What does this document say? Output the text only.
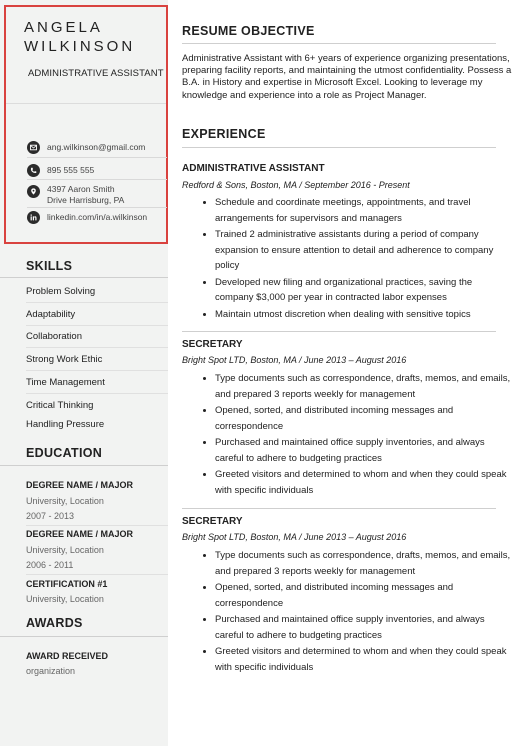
ANGELA
WILKINSON
ADMINISTRATIVE ASSISTANT
ang.wilkinson@gmail.com
895 555 555
4397 Aaron Smith
Drive Harrisburg, PA
linkedin.com/in/a.wilkinson
SKILLS
Problem Solving
Adaptability
Collaboration
Strong Work Ethic
Time Management
Critical Thinking
Handling Pressure
EDUCATION
DEGREE NAME / MAJOR
University, Location
2007 - 2013
DEGREE NAME / MAJOR
University, Location
2006 - 2011
CERTIFICATION #1
University, Location
AWARDS
AWARD RECEIVED
organization
RESUME OBJECTIVE

Administrative Assistant with 6+ years of experience organizing presentations, preparing facility reports, and maintaining the utmost confidentiality. Possess a B.A. in History and expertise in Microsoft Excel. Looking to leverage my knowledge and experience into a role as Project Manager.

EXPERIENCE
ADMINISTRATIVE ASSISTANT
Redford & Sons, Boston, MA / September 2016 - Present
• Schedule and coordinate meetings, appointments, and travel arrangements for supervisors and managers
• Trained 2 administrative assistants during a period of company expansion to ensure attention to detail and adherence to company policy
• Developed new filing and organizational practices, saving the company $3,000 per year in contracted labor expenses
• Maintain utmost discretion when dealing with sensitive topics
SECRETARY
Bright Spot LTD, Boston, MA / June 2013 – August 2016
• Type documents such as correspondence, drafts, memos, and emails, and prepared 3 reports weekly for management
• Opened, sorted, and distributed incoming messages and correspondence
• Purchased and maintained office supply inventories, and always careful to adhere to budgeting practices
• Greeted visitors and determined to whom and when they could speak with specific individuals
SECRETARY
Bright Spot LTD, Boston, MA / June 2013 – August 2016
• Type documents such as correspondence, drafts, memos, and emails, and prepared 3 reports weekly for management
• Opened, sorted, and distributed incoming messages and correspondence
• Purchased and maintained office supply inventories, and always careful to adhere to budgeting practices
• Greeted visitors and determined to whom and when they could speak with specific individuals
